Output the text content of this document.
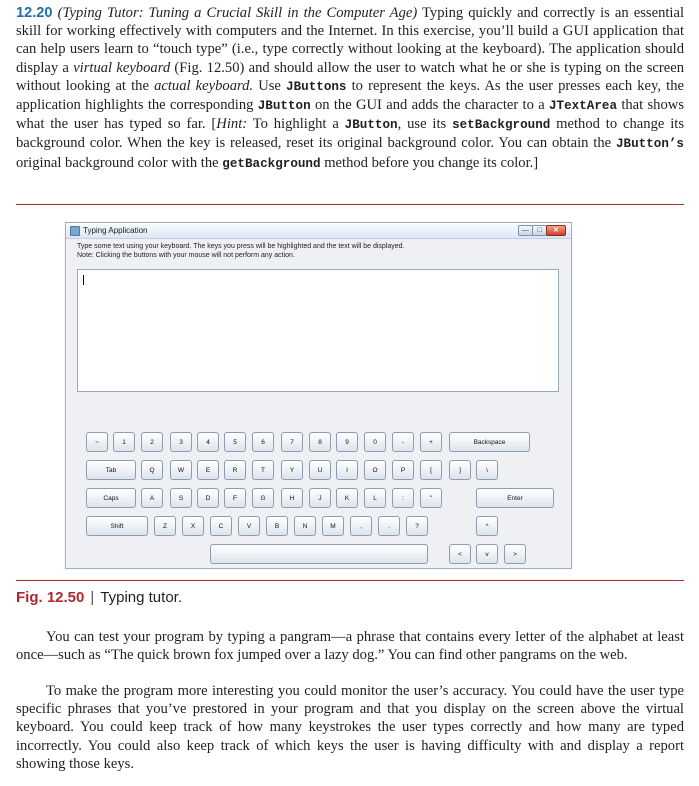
12.20 (Typing Tutor: Tuning a Crucial Skill in the Computer Age) Typing quickly and correctly is an essential skill for working effectively with computers and the Internet. In this exercise, you’ll build a GUI application that can help users learn to “touch type” (i.e., type correctly without looking at the keyboard). The application should display a virtual keyboard (Fig. 12.50) and should allow the user to watch what he or she is typing on the screen without looking at the actual keyboard. Use JButtons to represent the keys. As the user presses each key, the application highlights the corresponding JButton on the GUI and adds the character to a JTextArea that shows what the user has typed so far. [Hint: To highlight a JButton, use its setBackground method to change its background color. When the key is released, reset its original background color. You can obtain the JButton’s original background color with the getBackground method before you change its color.]

Typing Application	—	□	✕

Type some text using your keyboard. The keys you press will be highlighted and the text will be displayed.
Note: Clicking the buttons with your mouse will not perform any action.

~	1	2	3	4	5	6	7	8	9	0	-	+	Backspace
Tab	Q	W	E	R	T	Y	U	I	O	P	[	]	\
Caps	A	S	D	F	G	H	J	K	L	:	"	Enter
Shift	Z	X	C	V	B	N	M	,	.	?	^
<	v	>
Fig. 12.50 | Typing tutor.

You can test your program by typing a pangram—a phrase that contains every letter of the alphabet at least once—such as “The quick brown fox jumped over a lazy dog.” You can find other pangrams on the web.

To make the program more interesting you could monitor the user’s accuracy. You could have the user type specific phrases that you’ve prestored in your program and that you display on the screen above the virtual keyboard. You could keep track of how many keystrokes the user types correctly and how many are typed incorrectly. You could also keep track of which keys the user is having difficulty with and display a report showing those keys.
